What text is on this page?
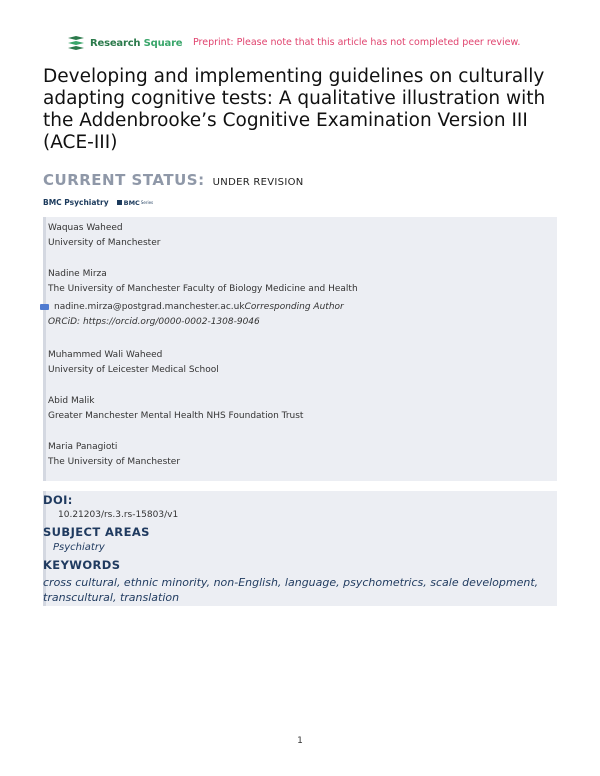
Research Square Preprint: Please note that this article has not completed peer review.
Developing and implementing guidelines on culturally adapting cognitive tests: A qualitative illustration with the Addenbrooke’s Cognitive Examination Version III (ACE-III)
CURRENT STATUS: UNDER REVISION
BMC Psychiatry BMC Series
Waquas Waheed
University of Manchester
Nadine Mirza
The University of Manchester Faculty of Biology Medicine and Health
nadine.mirza@postgrad.manchester.ac.uk Corresponding Author
ORCiD: https://orcid.org/0000-0002-1308-9046
Muhammed Wali Waheed
University of Leicester Medical School
Abid Malik
Greater Manchester Mental Health NHS Foundation Trust
Maria Panagioti
The University of Manchester
DOI:
10.21203/rs.3.rs-15803/v1
SUBJECT AREAS
Psychiatry
KEYWORDS
cross cultural, ethnic minority, non-English, language, psychometrics, scale development, transcultural, translation
1
